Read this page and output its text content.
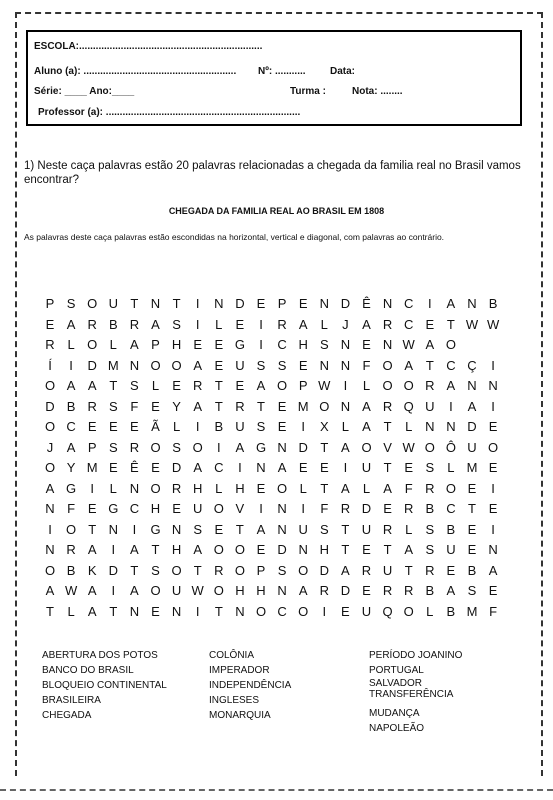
ESCOLA:..................................................................
Aluno (a): ....................................................... Nº: ........... Data:
Série: ____ Ano:____	Turma :	Nota: ........
Professor (a): ......................................................................
1) Neste caça palavras estão 20 palavras relacionadas a chegada da familia real no Brasil vamos encontrar?
CHEGADA DA FAMILIA REAL AO BRASIL EM 1808
As palavras deste caça palavras estão escondidas na horizontal, vertical e diagonal, com palavras ao contrário.
P S O U T N T	I	N D E P E N D Ê N C	I	A N B
E A R B R A S	I	L	E	I	R A	L	J	A R C E T W W
R L O L	A P H E E G	I	C H S N E N W A O
Í	I	D M N O O A E U S S E N N F O A T C Ç	I
O A A T S	L	E R T E A O P W	I	L O O R A N N
D B R S F E Y A T R T E M O N A R Q U	I	A	I
O C E E E Ã	L	I	B U S E	I	X	L	A T	L N N D E
J	A P S R O S O	I	A G N D T A O V W O Ô U O
O Y M E Ê E D A C	I	N A E E	I	U T E S	L M E
A G	I	L N O R H L H E O L	T A	L	A F R O E	I
N F E G C H E U O V	I	N	I	F R D E R B C T E
I	O T N	I	G N S E T A N U S T U R L	S B E	I
N R A	I	A T H A O O E D N H T E T A S U E N
O B K D T S O T R O P S O D A R U T R E B A
A W A	I	A O U W O H H N A R D E R R B A S E
T	L	A T N E N	I	T N O C O	I	E U Q O L	B M F
ABERTURA DOS POTOS
BANCO DO BRASIL
BLOQUEIO CONTINENTAL
BRASILEIRA
CHEGADA
COLÔNIA
IMPERADOR
INDEPENDÊNCIA
INGLESES
MONARQUIA
PERÍODO JOANINO
PORTUGAL
SALVADOR
TRANSFERÊNCIA
MUDANÇA
NAPOLEÃO
